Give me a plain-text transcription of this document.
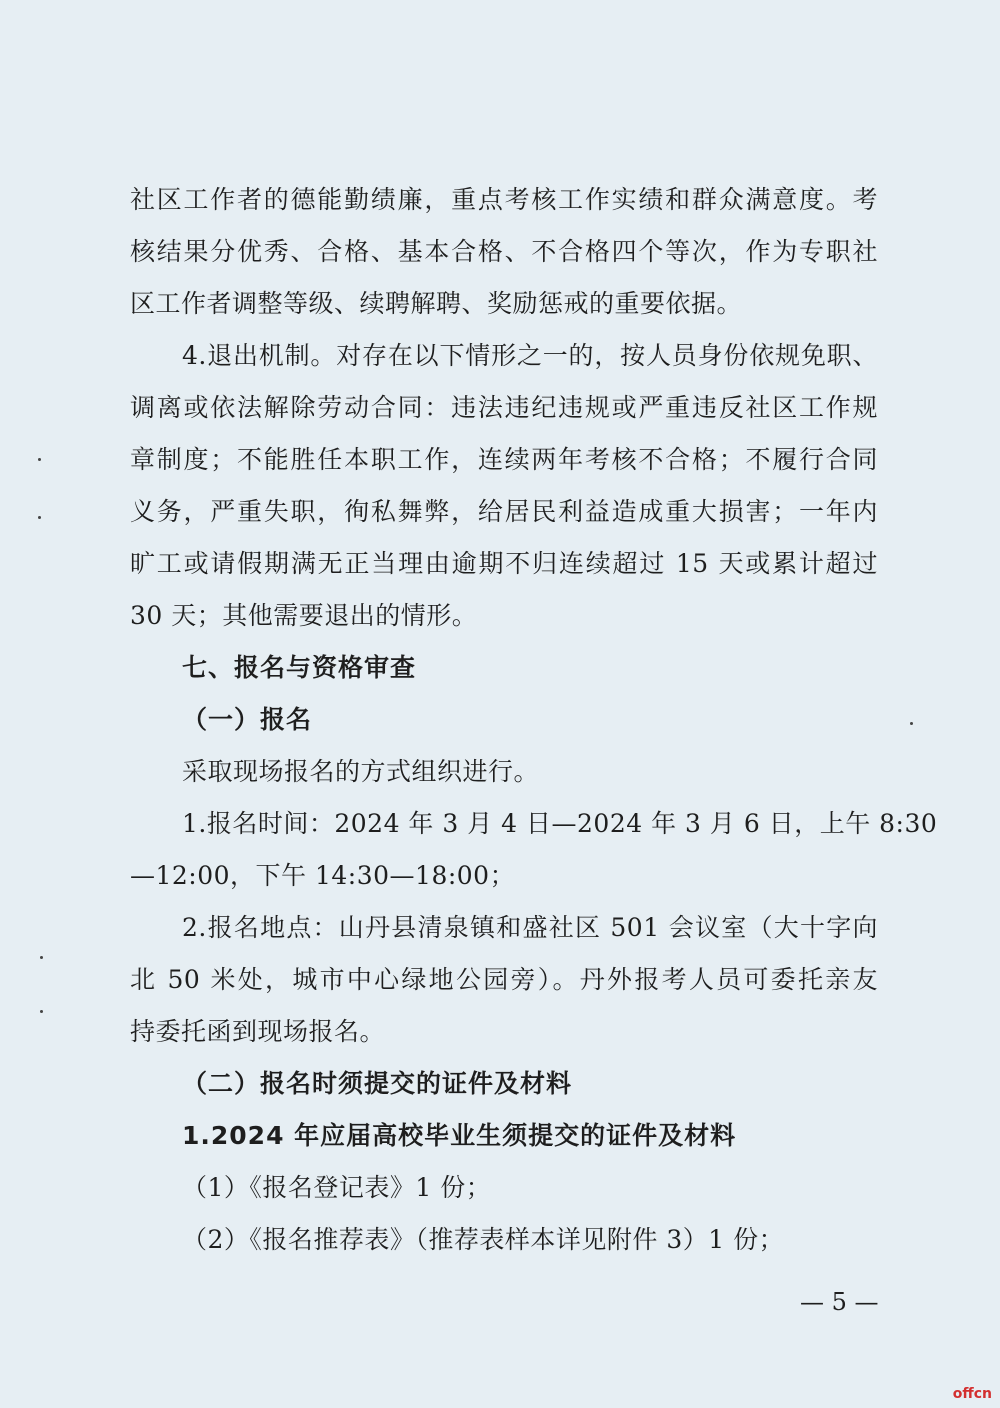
社区工作者的德能勤绩廉，重点考核工作实绩和群众满意度。考
核结果分优秀、合格、基本合格、不合格四个等次，作为专职社
区工作者调整等级、续聘解聘、奖励惩戒的重要依据。
4.退出机制。对存在以下情形之一的，按人员身份依规免职、
调离或依法解除劳动合同：违法违纪违规或严重违反社区工作规
章制度；不能胜任本职工作，连续两年考核不合格；不履行合同
义务，严重失职，徇私舞弊，给居民利益造成重大损害；一年内
旷工或请假期满无正当理由逾期不归连续超过 15 天或累计超过
30 天；其他需要退出的情形。
七、报名与资格审查
（一）报名
采取现场报名的方式组织进行。
1.报名时间：2024 年 3 月 4 日—2024 年 3 月 6 日，上午 8:30
—12:00，下午 14:30—18:00；
2.报名地点：山丹县清泉镇和盛社区 501 会议室（大十字向
北 50 米处，城市中心绿地公园旁）。丹外报考人员可委托亲友
持委托函到现场报名。
（二）报名时须提交的证件及材料
1.2024 年应届高校毕业生须提交的证件及材料
（1）《报名登记表》1 份；
（2）《报名推荐表》（推荐表样本详见附件 3）1 份；
— 5 —
offcn
